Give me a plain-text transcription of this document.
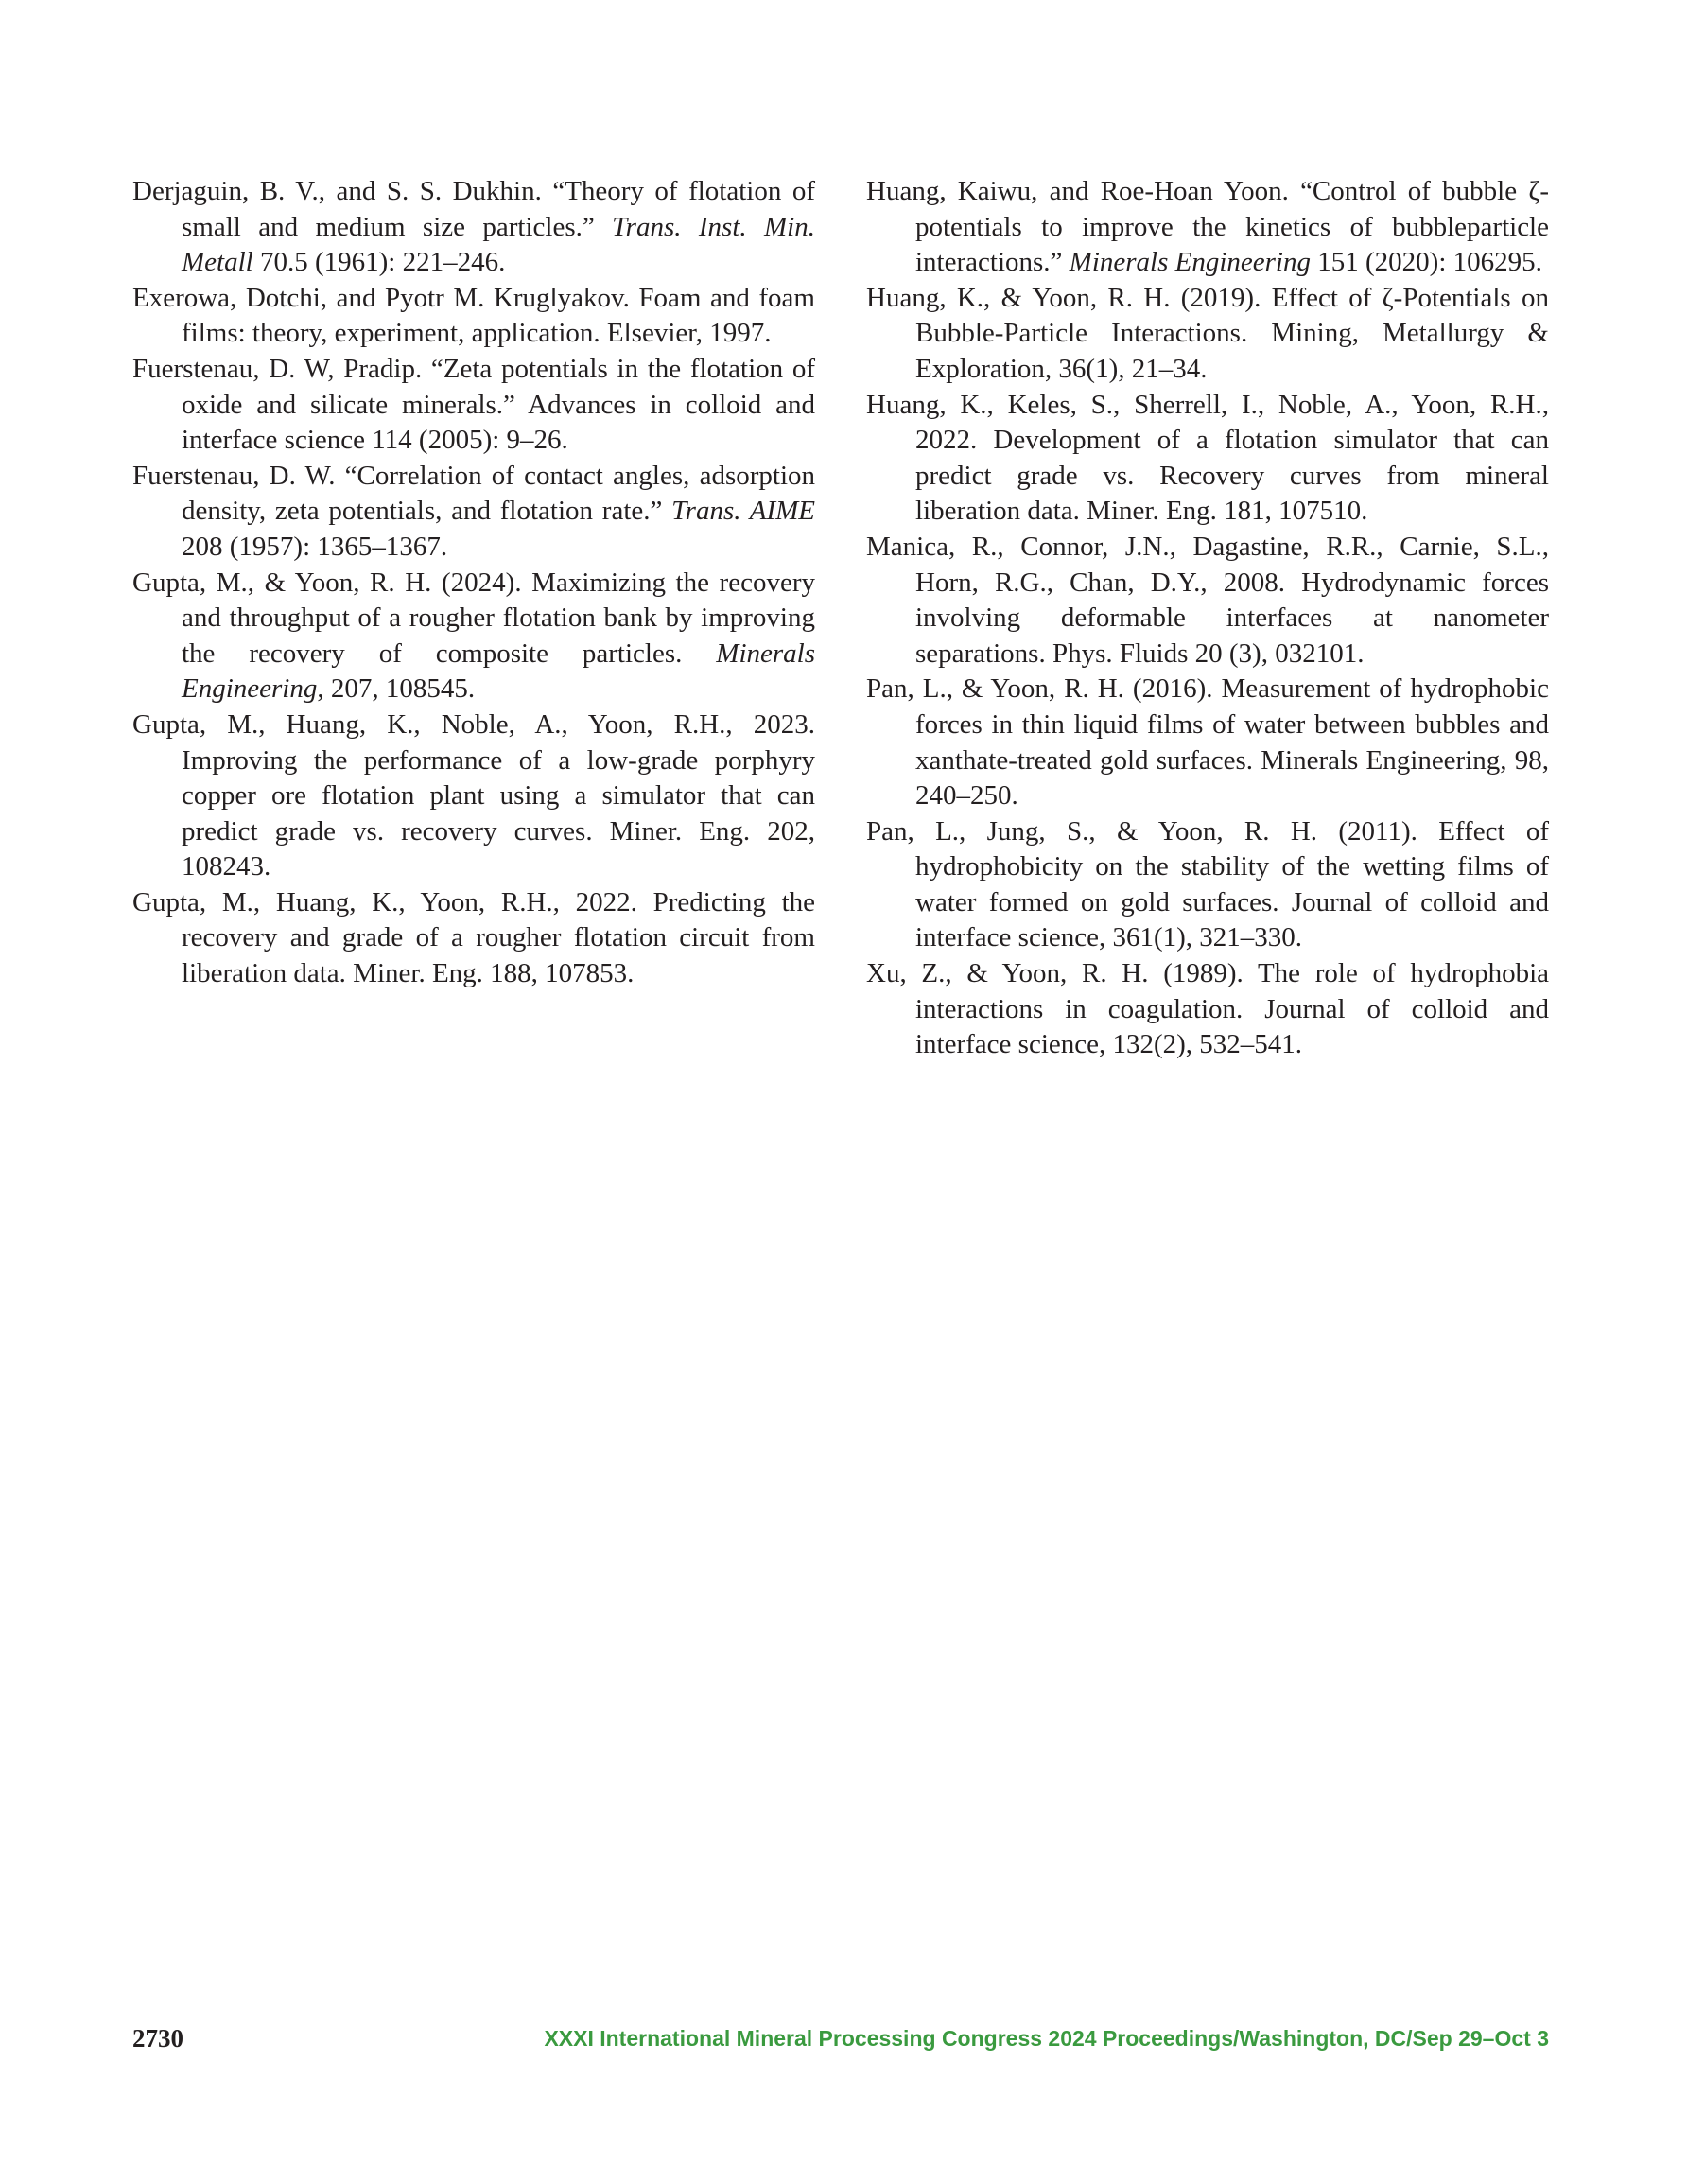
Derjaguin, B. V., and S. S. Dukhin. “Theory of flotation of small and medium size particles.” Trans. Inst. Min. Metall 70.5 (1961): 221–246.

Exerowa, Dotchi, and Pyotr M. Kruglyakov. Foam and foam films: theory, experiment, application. Elsevier, 1997.

Fuerstenau, D. W, Pradip. “Zeta potentials in the flotation of oxide and silicate minerals.” Advances in colloid and interface science 114 (2005): 9–26.

Fuerstenau, D. W. “Correlation of contact angles, adsorption density, zeta potentials, and flotation rate.” Trans. AIME 208 (1957): 1365–1367.

Gupta, M., & Yoon, R. H. (2024). Maximizing the recovery and throughput of a rougher flotation bank by improving the recovery of composite particles. Minerals Engineering, 207, 108545.

Gupta, M., Huang, K., Noble, A., Yoon, R.H., 2023. Improving the performance of a low-grade porphyry copper ore flotation plant using a simulator that can predict grade vs. recovery curves. Miner. Eng. 202, 108243.

Gupta, M., Huang, K., Yoon, R.H., 2022. Predicting the recovery and grade of a rougher flotation circuit from liberation data. Miner. Eng. 188, 107853.

Huang, Kaiwu, and Roe-Hoan Yoon. “Control of bubble ζ-potentials to improve the kinetics of bubbleparticle interactions.” Minerals Engineering 151 (2020): 106295.

Huang, K., & Yoon, R. H. (2019). Effect of ζ-Potentials on Bubble-Particle Interactions. Mining, Metallurgy & Exploration, 36(1), 21–34.

Huang, K., Keles, S., Sherrell, I., Noble, A., Yoon, R.H., 2022. Development of a flotation simulator that can predict grade vs. Recovery curves from mineral liberation data. Miner. Eng. 181, 107510.

Manica, R., Connor, J.N., Dagastine, R.R., Carnie, S.L., Horn, R.G., Chan, D.Y., 2008. Hydrodynamic forces involving deformable interfaces at nanometer separations. Phys. Fluids 20 (3), 032101.

Pan, L., & Yoon, R. H. (2016). Measurement of hydrophobic forces in thin liquid films of water between bubbles and xanthate-treated gold surfaces. Minerals Engineering, 98, 240–250.

Pan, L., Jung, S., & Yoon, R. H. (2011). Effect of hydrophobicity on the stability of the wetting films of water formed on gold surfaces. Journal of colloid and interface science, 361(1), 321–330.

Xu, Z., & Yoon, R. H. (1989). The role of hydrophobia interactions in coagulation. Journal of colloid and interface science, 132(2), 532–541.

2730	XXXI International Mineral Processing Congress 2024 Proceedings/Washington, DC/Sep 29–Oct 3
